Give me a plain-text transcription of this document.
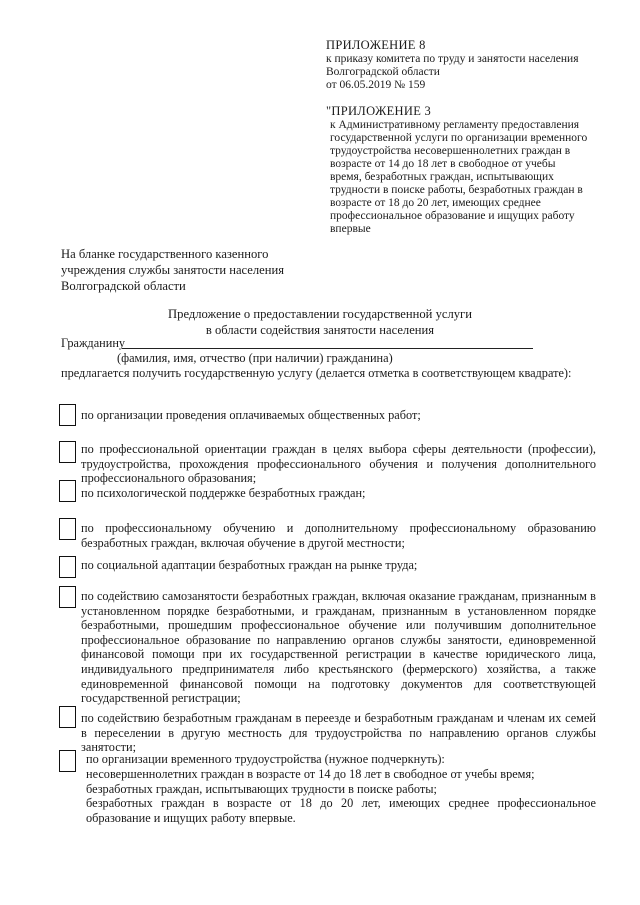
ПРИЛОЖЕНИЕ 8
к приказу комитета по труду и занятости населения
Волгоградской области
от 06.05.2019 № 159
"ПРИЛОЖЕНИЕ 3
к Административному регламенту предоставления
государственной услуги по организации временного
трудоустройства несовершеннолетних граждан в
возрасте от 14 до 18 лет в свободное от учебы
время, безработных граждан, испытывающих
трудности в поиске работы, безработных граждан в
возрасте от 18 до 20 лет, имеющих среднее
профессиональное образование и ищущих работу
впервые
На бланке государственного казенного
учреждения службы занятости населения
Волгоградской области
Предложение о предоставлении государственной услуги
в области содействия занятости населения
Гражданину
(фамилия, имя, отчество (при наличии) гражданина)
предлагается получить государственную услугу (делается отметка в соответствующем квадрате):
по организации проведения оплачиваемых общественных работ;
по профессиональной ориентации граждан в целях выбора сферы деятельности (профессии), трудоустройства, прохождения профессионального обучения и получения дополнительного профессионального образования;
по психологической поддержке безработных граждан;
по профессиональному обучению и дополнительному профессиональному образованию безработных граждан, включая обучение в другой местности;
по социальной адаптации безработных граждан на рынке труда;
по содействию самозанятости безработных граждан, включая оказание гражданам, признанным в установленном порядке безработными, и гражданам, признанным в установленном порядке безработными, прошедшим профессиональное обучение или получившим дополнительное профессиональное образование по направлению органов службы занятости, единовременной финансовой помощи при их государственной регистрации в качестве юридического лица, индивидуального предпринимателя либо крестьянского (фермерского) хозяйства, а также единовременной финансовой помощи на подготовку документов для соответствующей государственной регистрации;
по содействию безработным гражданам в переезде и безработным гражданам и членам их семей в переселении в другую местность для трудоустройства по направлению органов службы занятости;
по организации временного трудоустройства (нужное подчеркнуть):
несовершеннолетних граждан в возрасте от 14 до 18 лет в свободное от учебы время;
безработных граждан, испытывающих трудности в поиске работы;
безработных граждан в возрасте от 18 до 20 лет, имеющих среднее профессиональное образование и ищущих работу впервые.
